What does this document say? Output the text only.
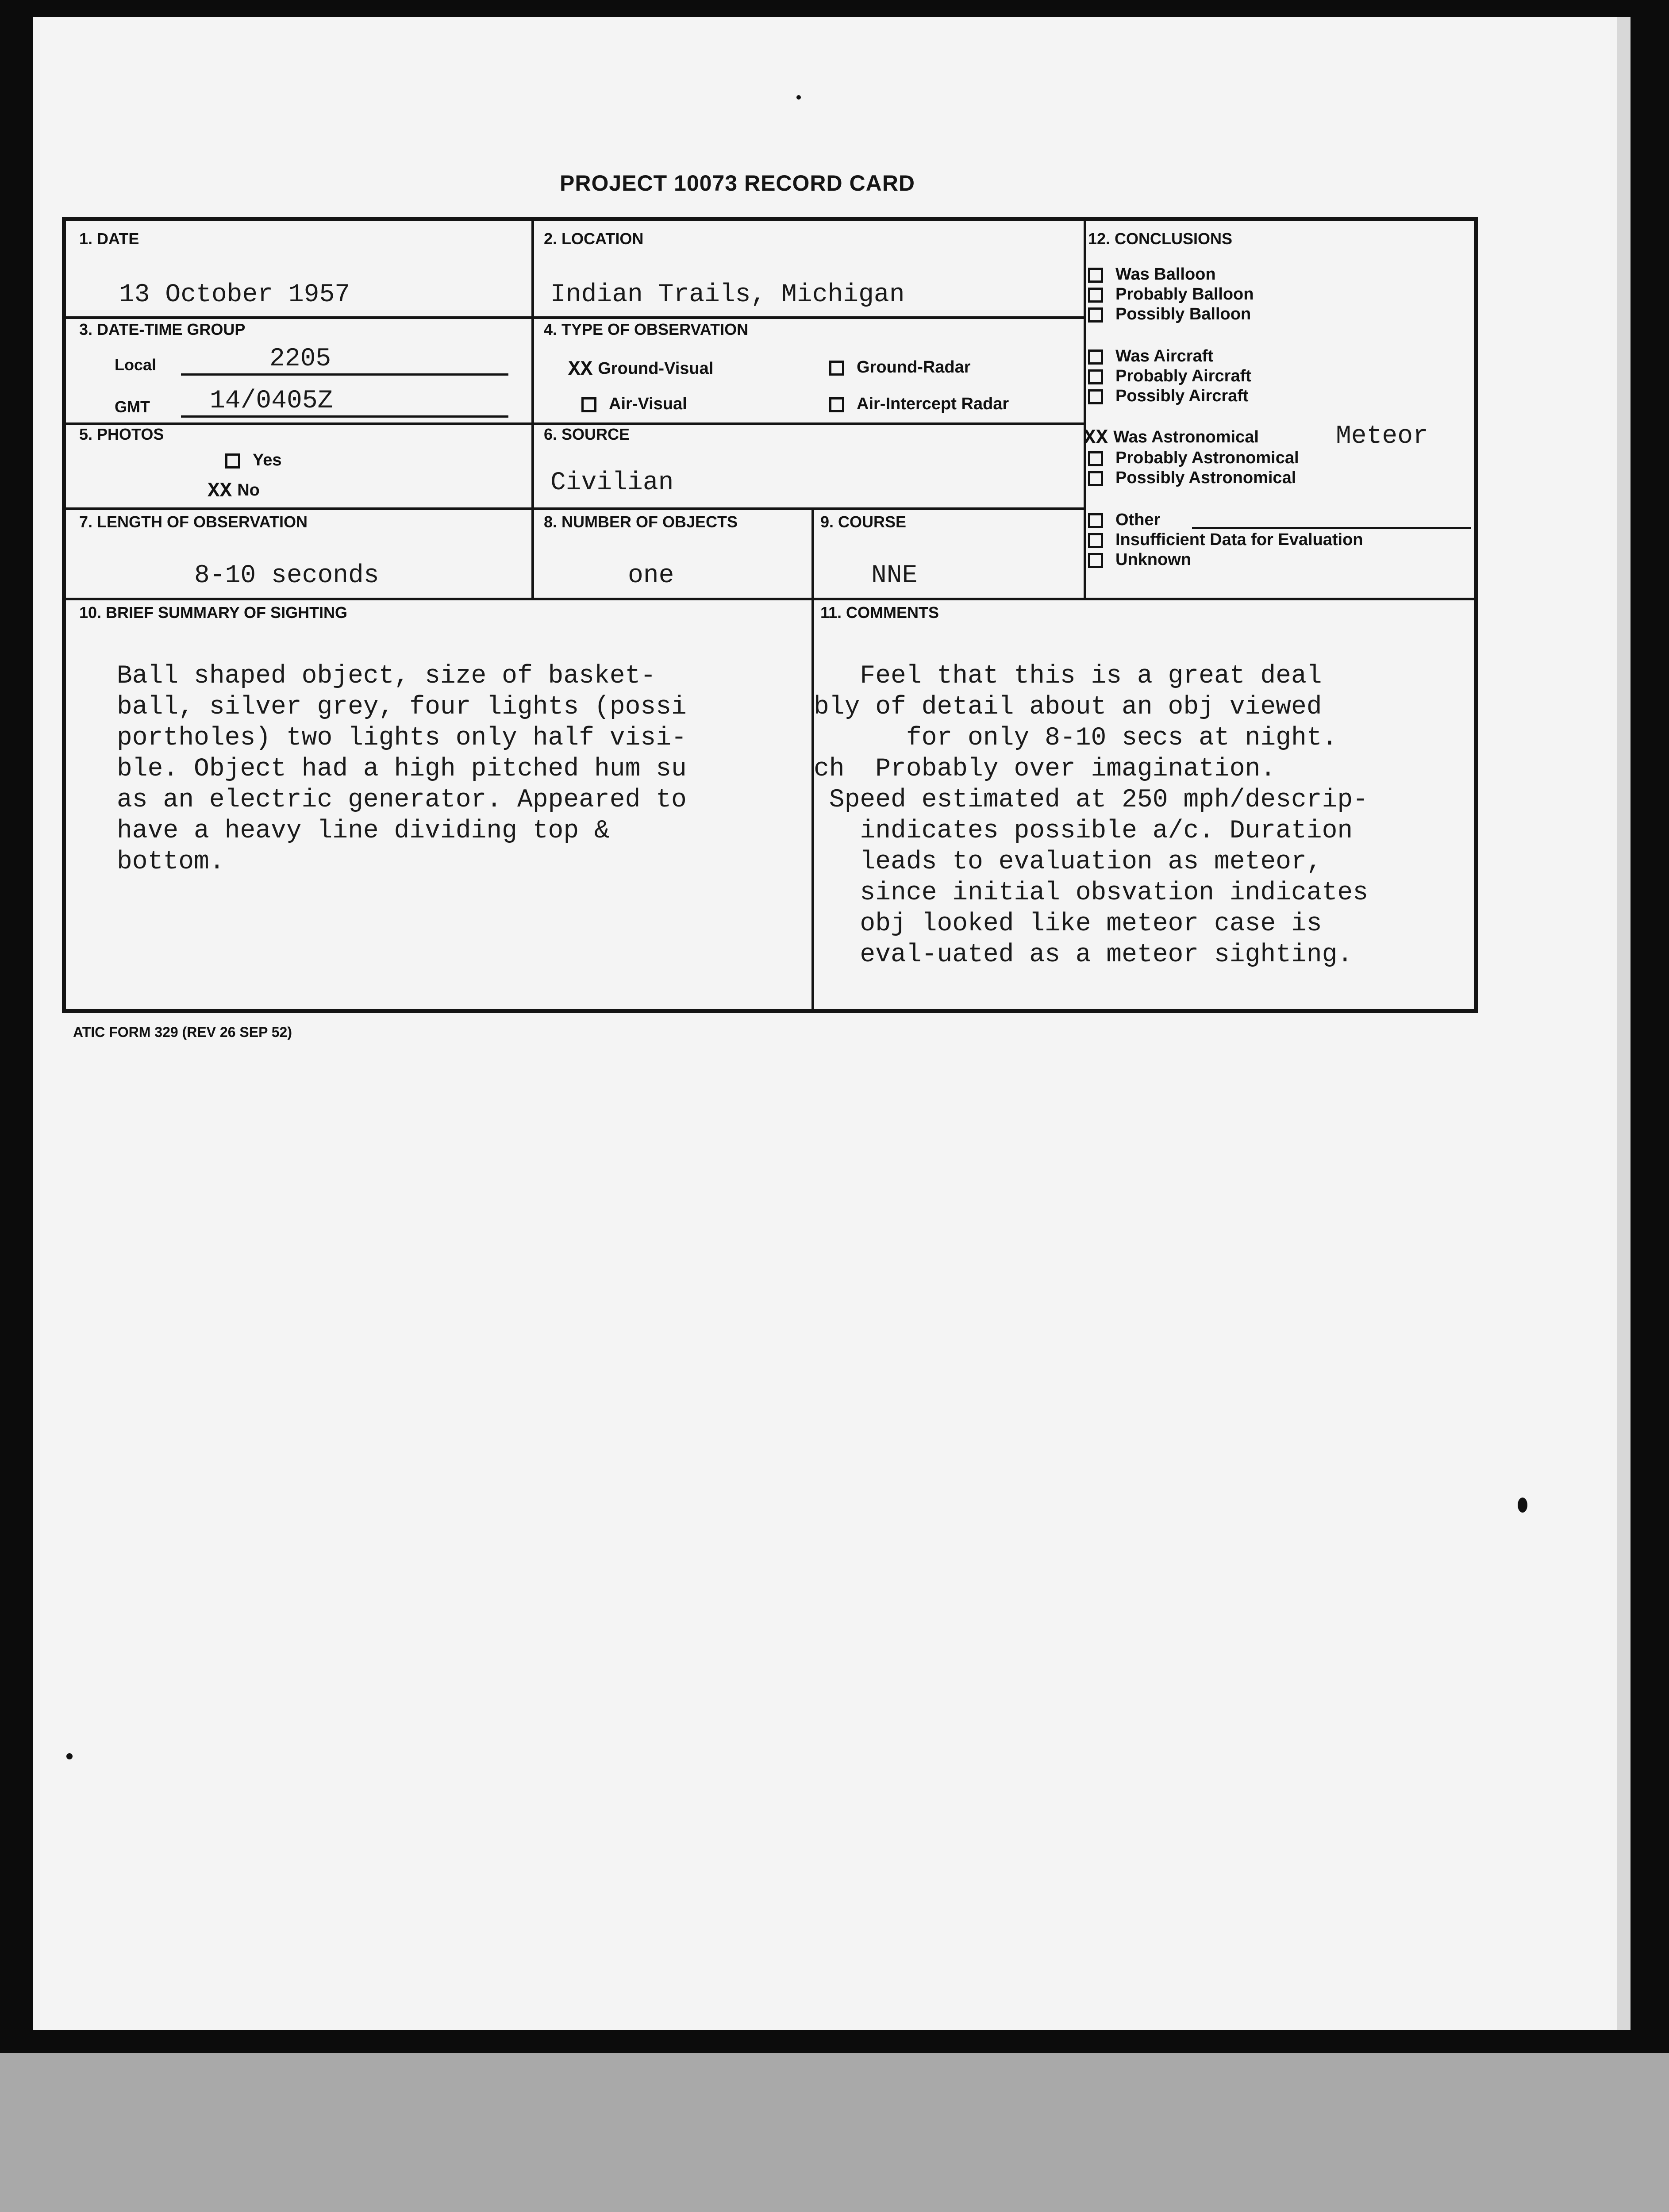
PROJECT 10073 RECORD CARD
1. DATE
13 October 1957
2. LOCATION
Indian Trails, Michigan
3. DATE-TIME GROUP
Local	2205
GMT 14/0405Z
4. TYPE OF OBSERVATION
XX Ground-Visual	Ground-Radar
Air-Visual	Air-Intercept Radar
5. PHOTOS
Yes
XX No
6. SOURCE
Civilian
7. LENGTH OF OBSERVATION
8-10 seconds
8. NUMBER OF OBJECTS
one
9. COURSE
NNE
12. CONCLUSIONS
Was Balloon
Probably Balloon
Possibly Balloon
Was Aircraft
Probably Aircraft
Possibly Aircraft
XX Was Astronomical	Meteor
Probably Astronomical
Possibly Astronomical
Other
Insufficient Data for Evaluation
Unknown
10. BRIEF SUMMARY OF SIGHTING

Ball shaped object, size of basket-
ball, silver grey, four lights (possi
portholes) two lights only half visi-
ble. Object had a high pitched hum su
as an electric generator. Appeared to
have a heavy line dividing top &
bottom.

11. COMMENTS

Feel that this is a great deal
bly of detail about an obj viewed
for only 8-10 secs at night.
ch  Probably over imagination.
Speed estimated at 250 mph/descrip-
indicates possible a/c. Duration
leads to evaluation as meteor,
since initial obsvation indicates
obj looked like meteor case is
eval-uated as a meteor sighting.

ATIC FORM 329 (REV 26 SEP 52)
